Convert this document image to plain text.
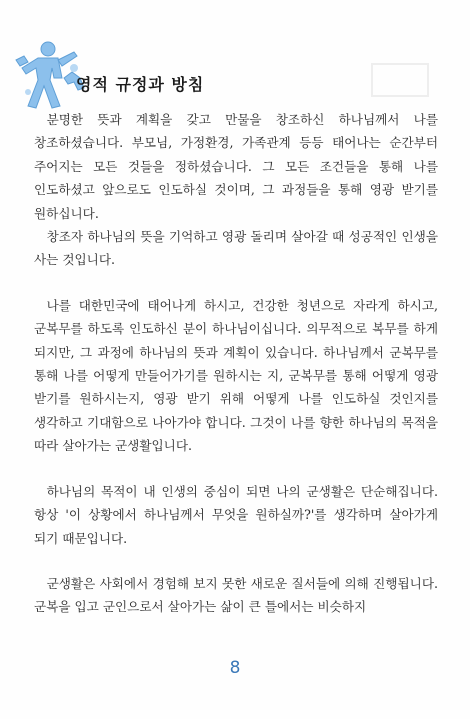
영적 규정과 방침

분명한 뜻과 계획을 갖고 만물을 창조하신 하나님께서 나를 창조하셨습니다. 부모님, 가정환경, 가족관계 등등 태어나는 순간부터 주어지는 모든 것들을 정하셨습니다. 그 모든 조건들을 통해 나를 인도하셨고 앞으로도 인도하실 것이며, 그 과정들을 통해 영광 받기를 원하십니다.

창조자 하나님의 뜻을 기억하고 영광 돌리며 살아갈 때 성공적인 인생을 사는 것입니다.

나를 대한민국에 태어나게 하시고, 건강한 청년으로 자라게 하시고, 군복무를 하도록 인도하신 분이 하나님이십니다. 의무적으로 복무를 하게 되지만, 그 과정에 하나님의 뜻과 계획이 있습니다. 하나님께서 군복무를 통해 나를 어떻게 만들어가기를 원하시는 지, 군복무를 통해 어떻게 영광 받기를 원하시는지, 영광 받기 위해 어떻게 나를 인도하실 것인지를 생각하고 기대함으로 나아가야 합니다. 그것이 나를 향한 하나님의 목적을 따라 살아가는 군생활입니다.

하나님의 목적이 내 인생의 중심이 되면 나의 군생활은 단순해집니다. 항상 '이 상황에서 하나님께서 무엇을 원하실까?'를 생각하며 살아가게 되기 때문입니다.

군생활은 사회에서 경험해 보지 못한 새로운 질서들에 의해 진행됩니다. 군복을 입고 군인으로서 살아가는 삶이 큰 틀에서는 비슷하지

8
